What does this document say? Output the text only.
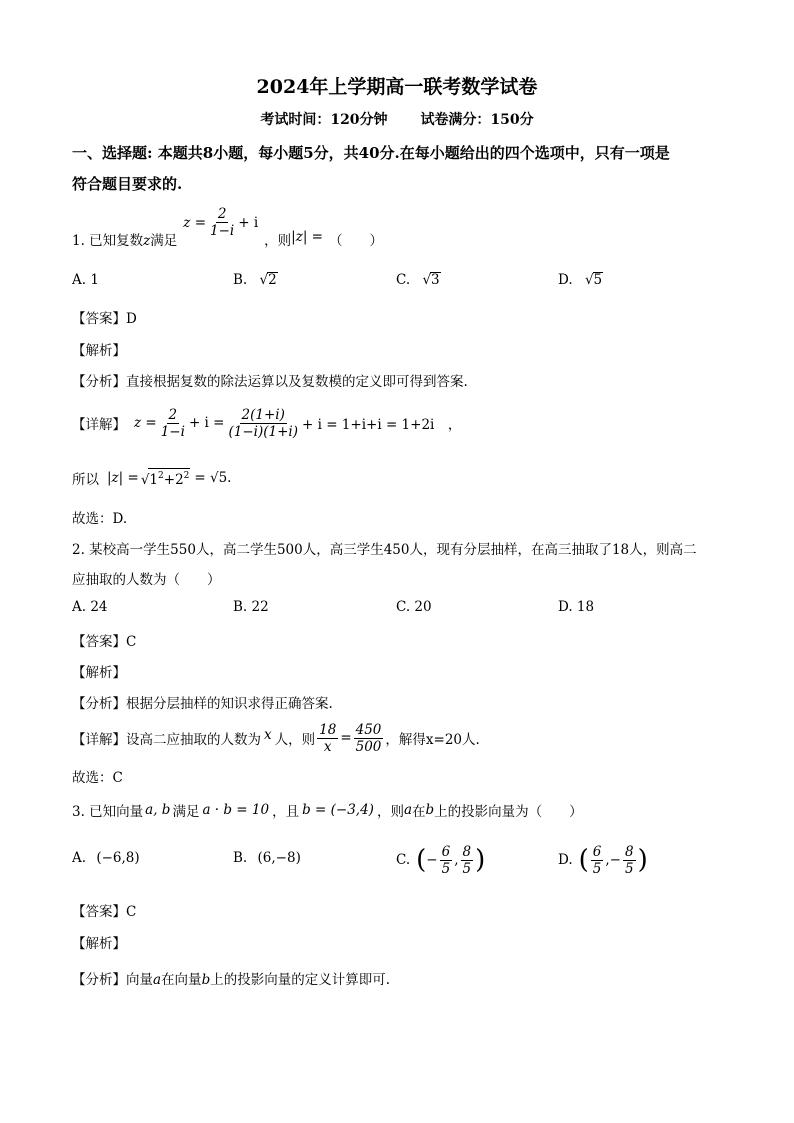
2024年上学期高一联考数学试卷
考试时间：120分钟 试卷满分：150分
一、选择题: 本题共8小题，每小题5分，共40分.在每小题给出的四个选项中，只有一项是
符合题目要求的.
1. 已知复数 z 满足
$z = \frac{2}{1-i} + i$
，则 |z| = （　　）
A. 1	B. √2	C. √3	D. √5
【答案】D
【解析】
【分析】直接根据复数的除法运算以及复数模的定义即可得到答案.
【详解】 $z = \frac{2}{1-i} + i = \frac{2(1+i)}{(1-i)(1+i)} + i = 1+i+i = 1+2i$　，
所以 $|z| = √1^2+2^2 = √5$.
故选：D.
2. 某校高一学生550人，高二学生500人，高三学生450人，现有分层抽样，在高三抽取了18人，则高二
应抽取的人数为（　　）
A. 24	B. 22	C. 20	D. 18
【答案】C
【解析】
【分析】根据分层抽样的知识求得正确答案.
【详解】设高二应抽取的人数为 x 人，则 $\frac{18}{x} = \frac{450}{500}$ ，解得 x=20人.
故选：C
3. 已知向量 a, b 满足 a · b = 10 ，且 b = (−3,4) ，则 a 在 b 上的投影向量为（　　）
A. (−6,8)	B. (6,−8)	C. ( − $\frac{6}{5}$ , $\frac{8}{5}$ )	D. ( $\frac{6}{5}$ ,− $\frac{8}{5}$ )
【答案】C
【解析】
【分析】向量a在向量b上的投影向量的定义计算即可.
